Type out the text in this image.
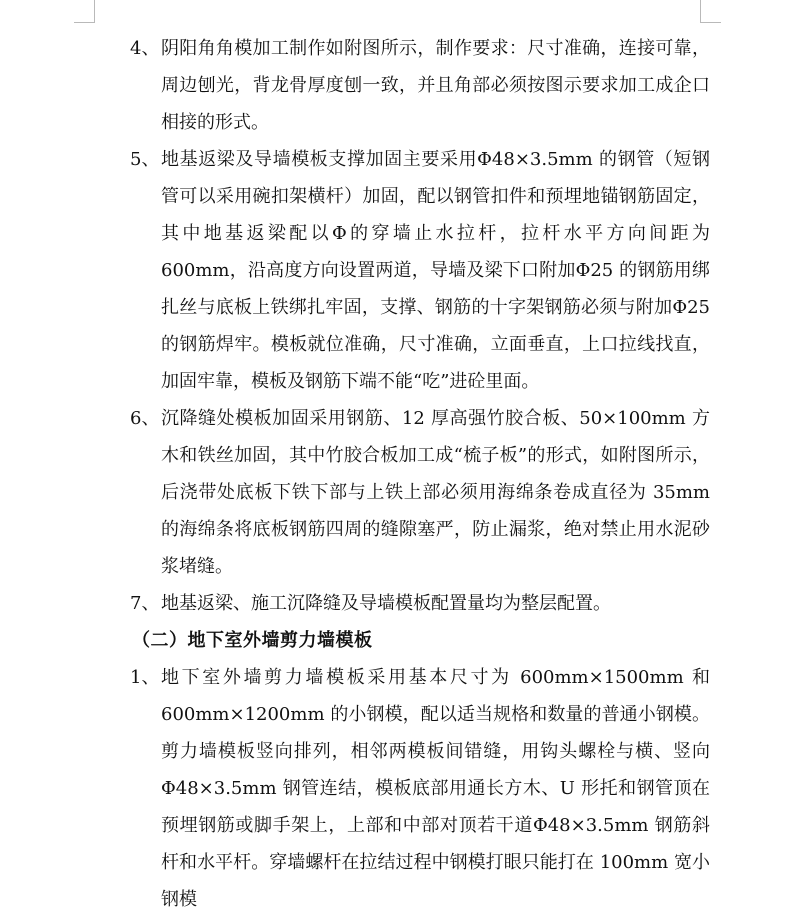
4、 阴阳角角模加工制作如附图所示，制作要求：尺寸准确，连接可靠，周边刨光，背龙骨厚度刨一致，并且角部必须按图示要求加工成企口相接的形式。
5、 地基返梁及导墙模板支撑加固主要采用Φ48×3.5mm 的钢管（短钢管可以采用碗扣架横杆）加固，配以钢管扣件和预埋地锚钢筋固定，其中地基返梁配以Φ的穿墙止水拉杆，拉杆水平方向间距为 600mm，沿高度方向设置两道，导墙及梁下口附加Φ25 的钢筋用绑扎丝与底板上铁绑扎牢固，支撑、钢筋的十字架钢筋必须与附加Φ25 的钢筋焊牢。模板就位准确，尺寸准确，立面垂直，上口拉线找直，加固牢靠，模板及钢筋下端不能“吃”进砼里面。
6、 沉降缝处模板加固采用钢筋、12 厚高强竹胶合板、50×100mm 方木和铁丝加固，其中竹胶合板加工成“梳子板”的形式，如附图所示，后浇带处底板下铁下部与上铁上部必须用海绵条卷成直径为 35mm 的海绵条将底板钢筋四周的缝隙塞严，防止漏浆，绝对禁止用水泥砂浆堵缝。
7、 地基返梁、施工沉降缝及导墙模板配置量均为整层配置。
（二）地下室外墙剪力墙模板
1、 地下室外墙剪力墙模板采用基本尺寸为 600mm×1500mm 和 600mm×1200mm 的小钢模，配以适当规格和数量的普通小钢模。剪力墙模板竖向排列，相邻两模板间错缝，用钩头螺栓与横、竖向Φ48×3.5mm 钢管连结，模板底部用通长方木、U 形托和钢管顶在预埋钢筋或脚手架上，上部和中部对顶若干道Φ48×3.5mm 钢筋斜杆和水平杆。穿墙螺杆在拉结过程中钢模打眼只能打在 100mm 宽小钢模
